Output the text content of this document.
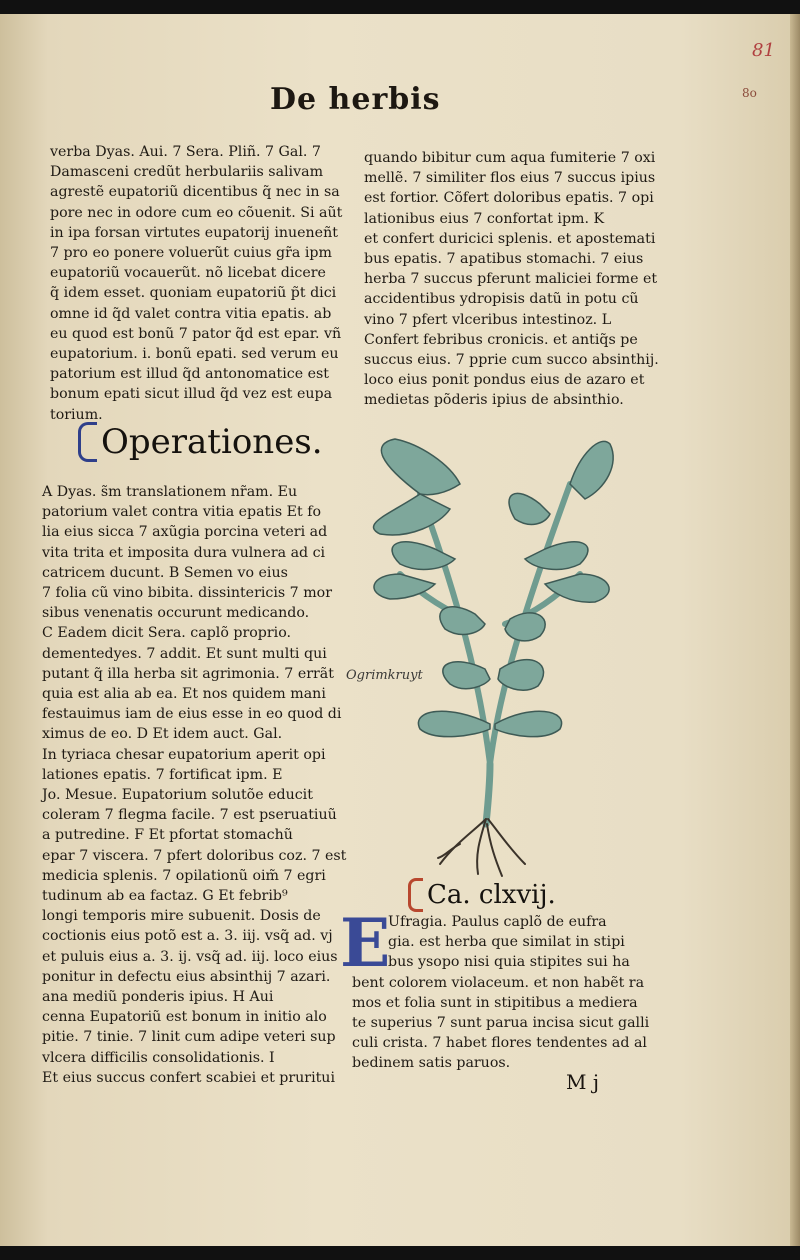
81
8o
De herbis
verba Dyas. Aui. 7 Sera. Pliñ. 7 Gal. 7
Damasceni credũt herbulariis salivam
agrestẽ eupatoriũ dicentibus q̃ nec in sa
pore nec in odore cum eo cõuenit. Si aũt
in ipa forsan virtutes eupatorij inueneñt
7 pro eo ponere voluerũt cuius gr̃a ipm
eupatoriũ vocauerũt. nõ licebat dicere
q̃ idem esset. quoniam eupatoriũ p̃t dici
omne id q̃d valet contra vitia epatis. ab
eu quod est bonũ 7 pator q̃d est epar. vñ
eupatorium. i. bonũ epati. sed verum eu
patorium est illud q̃d antonomatice est
bonum epati sicut illud q̃d vez est eupa
torium.
quando bibitur cum aqua fumiterie 7 oxi
mellẽ. 7 similiter flos eius 7 succus ipius
est fortior. Cõfert doloribus epatis. 7 opi
lationibus eius 7 confortat ipm. K
et confert duricici splenis. et apostemati
bus epatis. 7 apatibus stomachi. 7 eius
herba 7 succus pferunt maliciei forme et
accidentibus ydropisis datũ in potu cũ
vino 7 pfert vlceribus intestinoz. L
Confert febribus cronicis. et antiq̃s pe
succus eius. 7 pprie cum succo absinthij.
loco eius ponit pondus eius de azaro et
medietas põderis ipius de absinthio.
Operationes.
A Dyas. s̃m translationem nr̃am. Eu
patorium valet contra vitia epatis Et fo
lia eius sicca 7 axũgia porcina veteri ad
vita trita et imposita dura vulnera ad ci
catricem ducunt. B Semen vo eius
7 folia cũ vino bibita. dissintericis 7 mor
sibus venenatis occurunt medicando.
C Eadem dicit Sera. caplõ proprio.
dementedyes. 7 addit. Et sunt multi qui
putant q̃ illa herba sit agrimonia. 7 errãt
quia est alia ab ea. Et nos quidem mani
festauimus iam de eius esse in eo quod di
ximus de eo. D Et idem auct. Gal.
In tyriaca chesar eupatorium aperit opi
lationes epatis. 7 fortificat ipm. E
Jo. Mesue. Eupatorium solutõe educit
coleram 7 flegma facile. 7 est pseruatiuũ
a putredine. F Et pfortat stomachũ
epar 7 viscera. 7 pfert doloribus coz. 7 est
medicia splenis. 7 opilationũ oim̃ 7 egri
tudinum ab ea factaz. G Et febrib⁹
longi temporis mire subuenit. Dosis de
coctionis eius potõ est a. 3. iij. vsq̃ ad. vj
et puluis eius a. 3. ij. vsq̃ ad. iij. loco eius
ponitur in defectu eius absinthij 7 azari.
ana mediũ ponderis ipius. H Aui
cenna Eupatoriũ est bonum in initio alo
pitie. 7 tinie. 7 linit cum adipe veteri sup
vlcera difficilis consolidationis. I
Et eius succus confert scabiei et pruritui
Ogrimkruyt
Ca. clxvij.
E
Ufragia. Paulus caplõ de eufra
gia. est herba que similat in stipi
bus ysopo nisi quia stipites sui ha
bent colorem violaceum. et non habẽt ra
mos et folia sunt in stipitibus a mediera
te superius 7 sunt parua incisa sicut galli
culi crista. 7 habet flores tendentes ad al
bedinem satis paruos.
M j
